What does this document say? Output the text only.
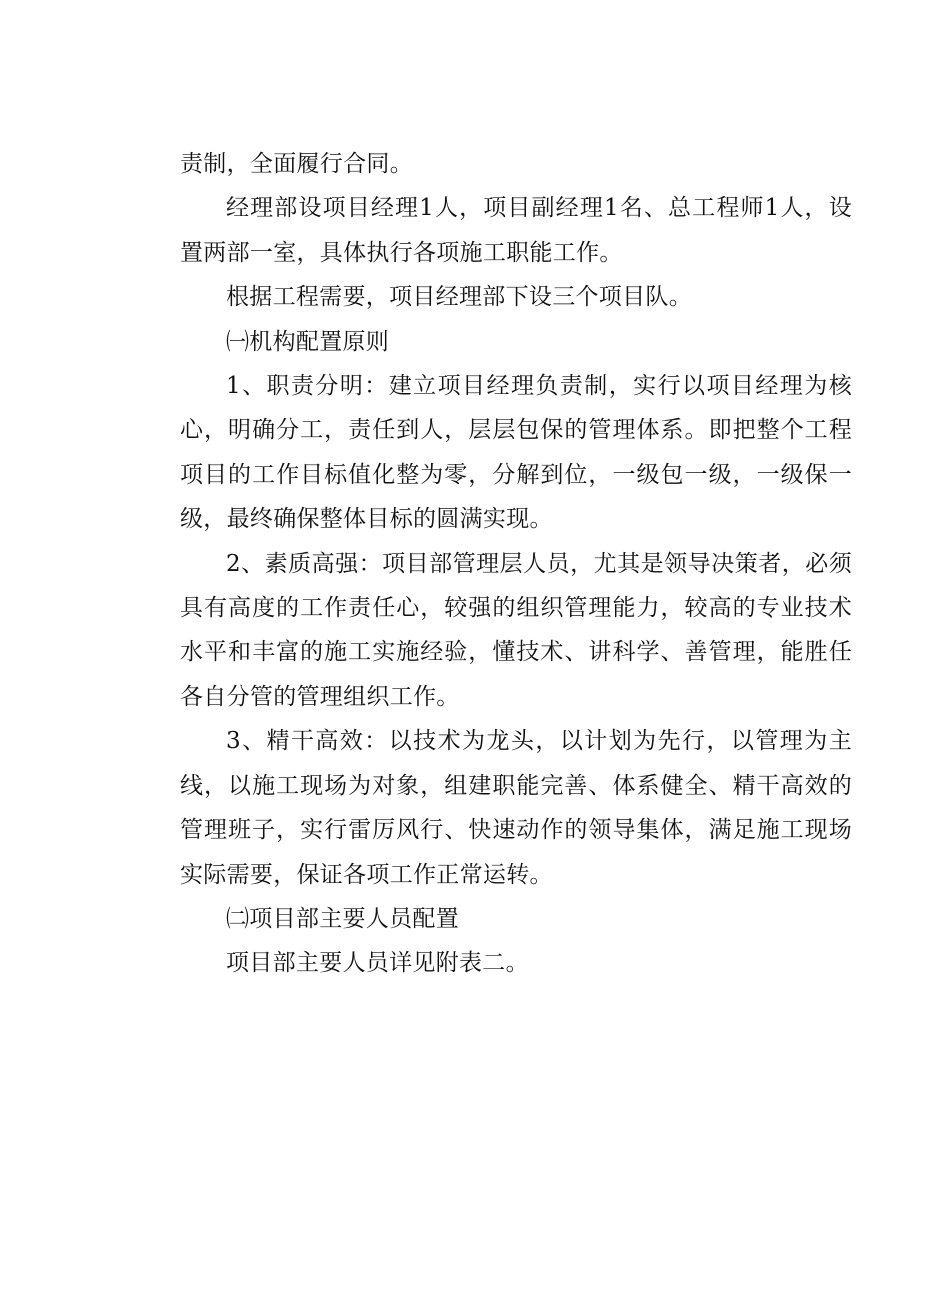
责制，全面履行合同。

经理部设项目经理1人，项目副经理1名、总工程师1人，设置两部一室，具体执行各项施工职能工作。

根据工程需要，项目经理部下设三个项目队。

㈠机构配置原则

1、职责分明：建立项目经理负责制，实行以项目经理为核心，明确分工，责任到人，层层包保的管理体系。即把整个工程项目的工作目标值化整为零，分解到位，一级包一级，一级保一级，最终确保整体目标的圆满实现。

2、素质高强：项目部管理层人员，尤其是领导决策者，必须具有高度的工作责任心，较强的组织管理能力，较高的专业技术水平和丰富的施工实施经验，懂技术、讲科学、善管理，能胜任各自分管的管理组织工作。

3、精干高效：以技术为龙头，以计划为先行，以管理为主线，以施工现场为对象，组建职能完善、体系健全、精干高效的管理班子，实行雷厉风行、快速动作的领导集体，满足施工现场实际需要，保证各项工作正常运转。

㈡项目部主要人员配置

项目部主要人员详见附表二。
